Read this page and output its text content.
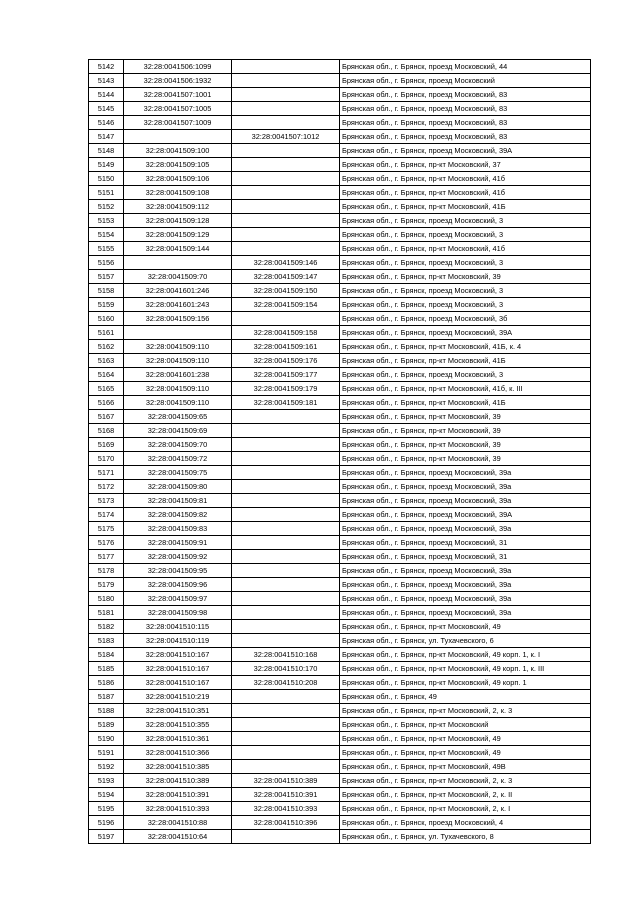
5142	32:28:0041506:1099		Брянская обл., г. Брянск, проезд Московский, 44
5143	32:28:0041506:1932		Брянская обл., г. Брянск, проезд Московский
5144	32:28:0041507:1001		Брянская обл., г. Брянск, проезд Московский, 83
5145	32:28:0041507:1005		Брянская обл., г. Брянск, проезд Московский, 83
5146	32:28:0041507:1009		Брянская обл., г. Брянск, проезд Московский, 83
5147		32:28:0041507:1012	Брянская обл., г. Брянск, проезд Московский, 83
5148	32:28:0041509:100		Брянская обл., г. Брянск, проезд Московский, 39А
5149	32:28:0041509:105		Брянская обл., г. Брянск, пр-кт Московский, 37
5150	32:28:0041509:106		Брянская обл., г. Брянск, пр-кт Московский, 41б
5151	32:28:0041509:108		Брянская обл., г. Брянск, пр-кт Московский, 41б
5152	32:28:0041509:112		Брянская обл., г. Брянск, пр-кт Московский, 41Б
5153	32:28:0041509:128		Брянская обл., г. Брянск, проезд Московский, 3
5154	32:28:0041509:129		Брянская обл., г. Брянск, проезд Московский, 3
5155	32:28:0041509:144		Брянская обл., г. Брянск, пр-кт Московский, 41б
5156		32:28:0041509:146	Брянская обл., г. Брянск, проезд Московский, 3
5157	32:28:0041509:70	32:28:0041509:147	Брянская обл., г. Брянск, пр-кт Московский, 39
5158	32:28:0041601:246	32:28:0041509:150	Брянская обл., г. Брянск, проезд Московский, 3
5159	32:28:0041601:243	32:28:0041509:154	Брянская обл., г. Брянск, проезд Московский, 3
5160	32:28:0041509:156		Брянская обл., г. Брянск, проезд Московский, 3б
5161		32:28:0041509:158	Брянская обл., г. Брянск, проезд Московский, 39А
5162	32:28:0041509:110	32:28:0041509:161	Брянская обл., г. Брянск, пр-кт Московский, 41Б, к. 4
5163	32:28:0041509:110	32:28:0041509:176	Брянская обл., г. Брянск, пр-кт Московский, 41Б
5164	32:28:0041601:238	32:28:0041509:177	Брянская обл., г. Брянск, проезд Московский, 3
5165	32:28:0041509:110	32:28:0041509:179	Брянская обл., г. Брянск, пр-кт Московский, 41б, к. III
5166	32:28:0041509:110	32:28:0041509:181	Брянская обл., г. Брянск, пр-кт Московский, 41Б
5167	32:28:0041509:65		Брянская обл., г. Брянск, пр-кт Московский, 39
5168	32:28:0041509:69		Брянская обл., г. Брянск, пр-кт Московский, 39
5169	32:28:0041509:70		Брянская обл., г. Брянск, пр-кт Московский, 39
5170	32:28:0041509:72		Брянская обл., г. Брянск, пр-кт Московский, 39
5171	32:28:0041509:75		Брянская обл., г. Брянск, проезд Московский, 39а
5172	32:28:0041509:80		Брянская обл., г. Брянск, проезд Московский, 39а
5173	32:28:0041509:81		Брянская обл., г. Брянск, проезд Московский, 39а
5174	32:28:0041509:82		Брянская обл., г. Брянск, проезд Московский, 39А
5175	32:28:0041509:83		Брянская обл., г. Брянск, проезд Московский, 39а
5176	32:28:0041509:91		Брянская обл., г. Брянск, проезд Московский, 31
5177	32:28:0041509:92		Брянская обл., г. Брянск, проезд Московский, 31
5178	32:28:0041509:95		Брянская обл., г. Брянск, проезд Московский, 39а
5179	32:28:0041509:96		Брянская обл., г. Брянск, проезд Московский, 39а
5180	32:28:0041509:97		Брянская обл., г. Брянск, проезд Московский, 39а
5181	32:28:0041509:98		Брянская обл., г. Брянск, проезд Московский, 39а
5182	32:28:0041510:115		Брянская обл., г. Брянск, пр-кт Московский, 49
5183	32:28:0041510:119		Брянская обл., г. Брянск, ул. Тухачевского, 6
5184	32:28:0041510:167	32:28:0041510:168	Брянская обл., г. Брянск, пр-кт Московский, 49 корп. 1, к. I
5185	32:28:0041510:167	32:28:0041510:170	Брянская обл., г. Брянск, пр-кт Московский, 49 корп. 1, к. III
5186	32:28:0041510:167	32:28:0041510:208	Брянская обл., г. Брянск, пр-кт Московский, 49 корп. 1
5187	32:28:0041510:219		Брянская обл., г. Брянск, 49
5188	32:28:0041510:351		Брянская обл., г. Брянск, пр-кт Московский, 2, к. 3
5189	32:28:0041510:355		Брянская обл., г. Брянск, пр-кт Московский
5190	32:28:0041510:361		Брянская обл., г. Брянск, пр-кт Московский, 49
5191	32:28:0041510:366		Брянская обл., г. Брянск, пр-кт Московский, 49
5192	32:28:0041510:385		Брянская обл., г. Брянск, пр-кт Московский, 49В
5193	32:28:0041510:389	32:28:0041510:389	Брянская обл., г. Брянск, пр-кт Московский, 2, к. 3
5194	32:28:0041510:391	32:28:0041510:391	Брянская обл., г. Брянск, пр-кт Московский, 2, к. II
5195	32:28:0041510:393	32:28:0041510:393	Брянская обл., г. Брянск, пр-кт Московский, 2, к. I
5196	32:28:0041510:88	32:28:0041510:396	Брянская обл., г. Брянск, проезд Московский, 4
5197	32:28:0041510:64		Брянская обл., г. Брянск, ул. Тухачевского, 8
